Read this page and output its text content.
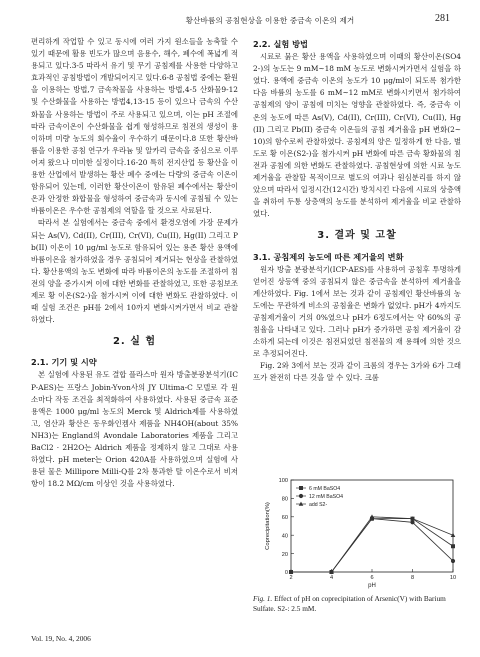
황산바륨의 공침현상을 이용한 중금속 이온의 제거	281

편리하게 작업할 수 있고 동시에 여러 가지 원소들을 농축할 수 있기 때문에 활용 빈도가 많으며 음용수, 해수, 폐수에 폭넓게 적용되고 있다.3-5 따라서 유기 및 무기 공침제를 사용한 다양하고 효과적인 공침방법이 개발되어지고 있다.6-8 공침법 중에는 환원을 이용하는 방법,7 금속착물을 사용하는 방법,4-5 산화물9-12 및 수산화물을 사용하는 방법4,13-15 등이 있으나 금속의 수산화물을 사용하는 방법이 주로 사용되고 있으며, 이는 pH 조절에 따라 금속이온이 수산화물을 쉽게 형성하므로 침전의 생성이 용이하며 미량 농도의 회수율이 우수하기 때문이다.8 또한 황산바륨을 이용한 공침 연구가 우라늄 및 알카리 금속을 중심으로 이루어져 왔으나 미미한 실정이다.16-20 특히 전지산업 등 황산을 이용한 산업에서 발생하는 황산 폐수 중에는 다량의 중금속 이온이 함유되어 있는데, 이러한 황산이온이 함유된 폐수에서는 황산이온과 안정한 화합물을 형성하여 중금속과 동시에 공침될 수 있는 바륨이온은 우수한 공침제의 역할을 할 것으로 사료된다.

따라서 본 실험에서는 중금속 중에서 환경오염에 가장 문제가 되는 As(V), Cd(II), Cr(III), Cr(VI), Cu(II), Hg(II) 그리고 Pb(II) 이온이 10 μg/ml 농도로 함유되어 있는 용존 황산 용액에 바륨이온을 첨가하였을 경우 공침되어 제거되는 현상을 관찰하였다. 황산용액의 농도 변화에 따라 바륨이온의 농도를 조절하여 침전의 양을 증가시켜 이에 대한 변화를 관찰하였고, 또한 공침보조제로 황 이온(S2-)을 첨가시켜 이에 대한 변화도 관찰하였다. 이때 실험 조건은 pH를 2에서 10까지 변화시켜가면서 비교 관찰하였다.

2. 실 험
2.1. 기기 및 시약

본 실험에 사용된 유도 결합 플라스마 원자 방출분광분석기(ICP-AES)는 프랑스 Jobin-Yvon사의 JY Ultima-C 모델로 각 원소마다 작동 조건을 최적화하여 사용하였다. 사용된 중금속 표준용액은 1000 μg/ml 농도의 Merck 및 Aldrich제를 사용하였고, 염산과 황산은 동우화인켐사 제품을 NH4OH(about 35% NH3)는 England의 Avondale Laboratories 제품을 그리고 BaCl2 · 2H2O는 Aldrich 제품을 정제하지 않고 그대로 사용하였다. pH meter는 Orion 420A를 사용하였으며 실험에 사용된 물은 Millipore Milli-Q를 2차 통과한 탈 이온수로서 비저항이 18.2 MΩ/cm 이상인 것을 사용하였다.

2.2. 실험 방법

시료로 묽은 황산 용액을 사용하였으며 이때의 황산이온(SO42-)의 농도는 9 mM~18 mM 농도로 변화시켜가면서 실험을 하였다. 용액에 중금속 이온의 농도가 10 μg/ml이 되도록 첨가한 다음 바륨의 농도를 6 mM~12 mM로 변화시키면서 첨가하여 공침제의 양이 공침에 미치는 영향을 관찰하였다. 즉, 중금속 이온의 농도에 따른 As(V), Cd(II), Cr(III), Cr(VI), Cu(II), Hg(II) 그리고 Pb(II) 중금속 이온들의 공침 제거율을 pH 변화(2~10)의 함수로써 관찰하였다. 공침제의 양은 일정하게 한 다음, 별도로 황 이온(S2-)을 첨가시켜 pH 변화에 따른 금속 황화물의 침전과 공침에 의한 변화도 관찰하였다. 공침현상에 의한 시료 농도 제거율을 관찰할 목적이므로 별도의 여과나 원심분리를 하지 않았으며 따라서 일정시간(12시간) 방치시킨 다음에 시료의 상층액을 취하여 두통 상층액의 농도를 분석하여 제거율을 비교 관찰하였다.

3. 결과 및 고찰
3.1. 공침제의 농도에 따른 제거율의 변화

원자 방출 분광분석기(ICP-AES)를 사용하여 공침후 투명하게 얻어진 상등액 중의 공침되지 않은 중금속을 분석하여 제거율을 계산하였다. Fig. 1에서 보는 것과 같이 공침제인 황산바륨의 농도에는 무관하게 비소의 공침율은 변화가 없었다. pH가 4까지도 공침제거율이 거의 0%였으나 pH가 6정도에서는 약 60%의 공침율을 나타내고 있다. 그러나 pH가 증가하면 공침 제거율이 감소하게 되는데 이것은 침전되었던 침전물의 재 용해에 의한 것으로 추정되어진다.

Fig. 2와 3에서 보는 것과 같이 크롬의 경우는 3가와 6가 그래프가 완전히 다른 것을 알 수 있다. 크롬

0
20
40
60
80
100
2	4	6	8	10
pH
Coprecipitation(%)
6 mM BaSO4
12 mM BaSO4
add S2-
Fig. 1. Effect of pH on coprecipitation of Arsenic(V) with Barium Sulfate. S2-: 2.5 mM.
Vol. 19, No. 4, 2006
